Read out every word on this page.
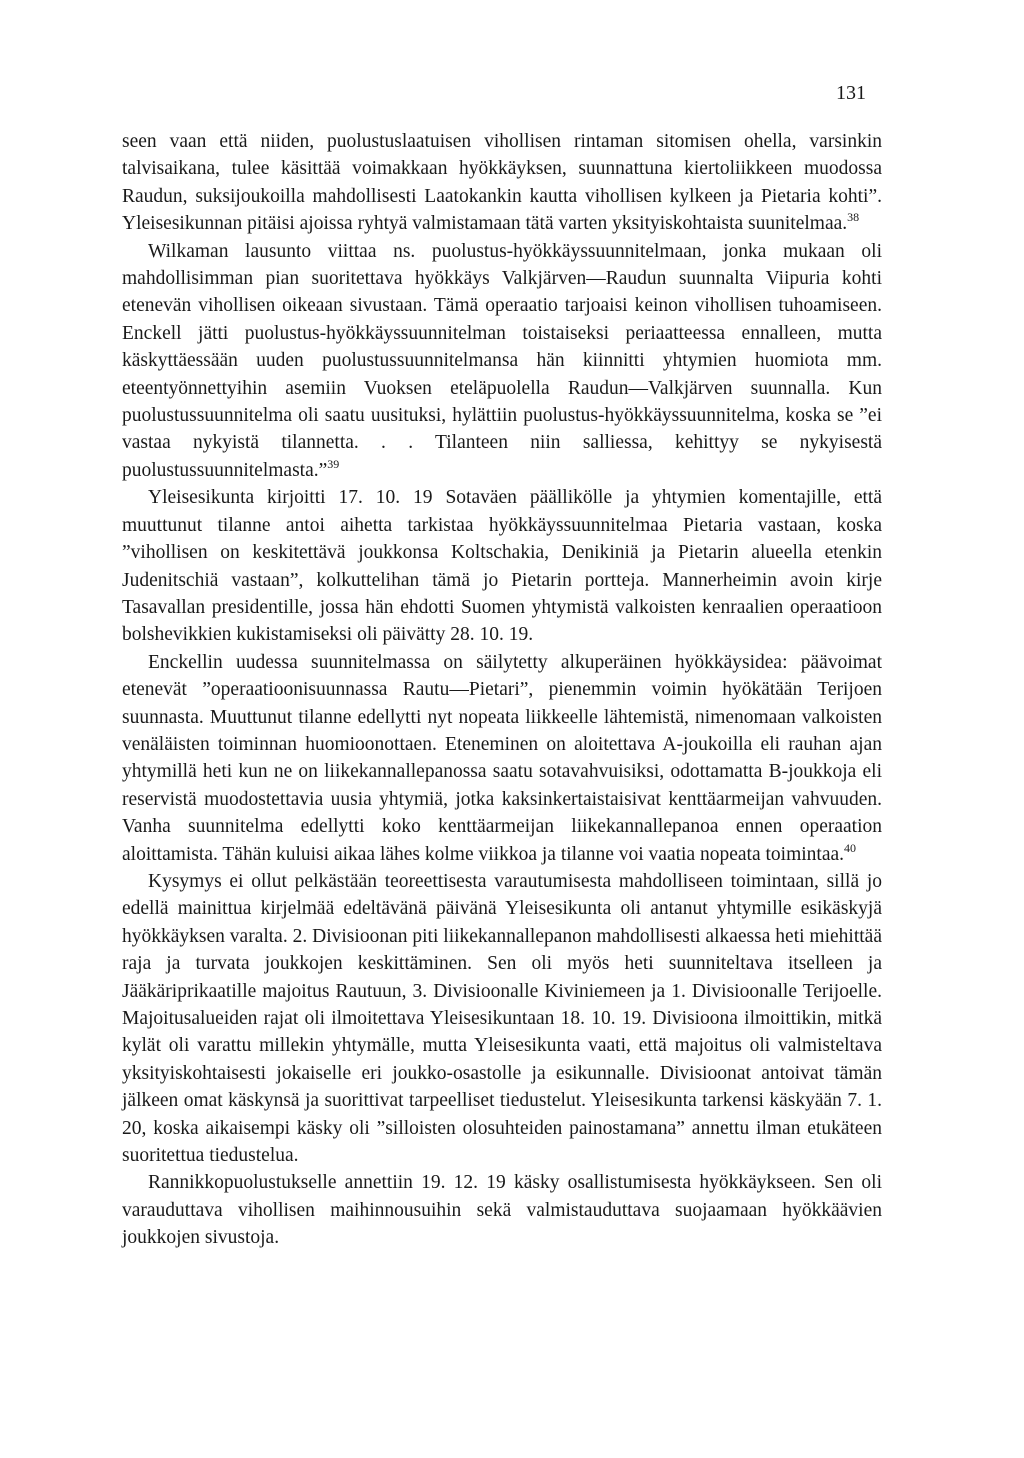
131

seen vaan että niiden, puolustuslaatuisen vihollisen rintaman sitomisen ohella, varsinkin talvisaikana, tulee käsittää voimakkaan hyökkäyksen, suunnattuna kiertoliikkeen muodossa Raudun, suksijoukoilla mahdollisesti Laatokankin kautta vihollisen kylkeen ja Pietaria kohti”. Yleisesikunnan pitäisi ajoissa ryhtyä valmistamaan tätä varten yksityiskohtaista suunitelmaa.$^{38}$

Wilkaman lausunto viittaa ns. puolustus-hyökkäyssuunnitelmaan, jonka mukaan oli mahdollisimman pian suoritettava hyökkäys Valkjärven—Raudun suunnalta Viipuria kohti etenevän vihollisen oikeaan sivustaan. Tämä operaatio tarjoaisi keinon vihollisen tuhoamiseen. Enckell jätti puolustus-hyökkäyssuunnitelman toistaiseksi periaatteessa ennalleen, mutta käskyttäessään uuden puolustussuunnitelmansa hän kiinnitti yhtymien huomiota mm. eteentyönnettyihin asemiin Vuoksen eteläpuolella Raudun—Valkjärven suunnalla. Kun puolustussuunnitelma oli saatu uusituksi, hylättiin puolustus-hyökkäyssuunnitelma, koska se ”ei vastaa nykyistä tilannetta. . . Tilanteen niin salliessa, kehittyy se nykyisestä puolustussuunnitelmasta.”$^{39}$

Yleisesikunta kirjoitti 17. 10. 19 Sotaväen päällikölle ja yhtymien komentajille, että muuttunut tilanne antoi aihetta tarkistaa hyökkäyssuunnitelmaa Pietaria vastaan, koska ”vihollisen on keskitettävä joukkonsa Koltschakia, Denikiniä ja Pietarin alueella etenkin Judenitschiä vastaan”, kolkuttelihan tämä jo Pietarin portteja. Mannerheimin avoin kirje Tasavallan presidentille, jossa hän ehdotti Suomen yhtymistä valkoisten kenraalien operaatioon bolshevikkien kukistamiseksi oli päivätty 28. 10. 19.

Enckellin uudessa suunnitelmassa on säilytetty alkuperäinen hyökkäysidea: päävoimat etenevät ”operaatioonisuunnassa Rautu—Pietari”, pienemmin voimin hyökätään Terijoen suunnasta. Muuttunut tilanne edellytti nyt nopeata liikkeelle lähtemistä, nimenomaan valkoisten venäläisten toiminnan huomioonottaen. Eteneminen on aloitettava A-joukoilla eli rauhan ajan yhtymillä heti kun ne on liikekannallepanossa saatu sotavahvuisiksi, odottamatta B-joukkoja eli reservistä muodostettavia uusia yhtymiä, jotka kaksinkertaistaisivat kenttäarmeijan vahvuuden. Vanha suunnitelma edellytti koko kenttäarmeijan liikekannallepanoa ennen operaation aloittamista. Tähän kuluisi aikaa lähes kolme viikkoa ja tilanne voi vaatia nopeata toimintaa.$^{40}$

Kysymys ei ollut pelkästään teoreettisesta varautumisesta mahdolliseen toimintaan, sillä jo edellä mainittua kirjelmää edeltävänä päivänä Yleisesikunta oli antanut yhtymille esikäskyjä hyökkäyksen varalta. 2. Divisioonan piti liikekannallepanon mahdollisesti alkaessa heti miehittää raja ja turvata joukkojen keskittäminen. Sen oli myös heti suunniteltava itselleen ja Jääkäriprikaatille majoitus Rautuun, 3. Divisioonalle Kiviniemeen ja 1. Divisioonalle Terijoelle. Majoitusalueiden rajat oli ilmoitettava Yleisesikuntaan 18. 10. 19. Divisioona ilmoittikin, mitkä kylät oli varattu millekin yhtymälle, mutta Yleisesikunta vaati, että majoitus oli valmisteltava yksityiskohtaisesti jokaiselle eri joukko-osastolle ja esikunnalle. Divisioonat antoivat tämän jälkeen omat käskynsä ja suorittivat tarpeelliset tiedustelut. Yleisesikunta tarkensi käskyään 7. 1. 20, koska aikaisempi käsky oli ”silloisten olosuhteiden painostamana” annettu ilman etukäteen suoritettua tiedustelua.

Rannikkopuolustukselle annettiin 19. 12. 19 käsky osallistumisesta hyökkäykseen. Sen oli varauduttava vihollisen maihinnousuihin sekä valmistauduttava suojaamaan hyökkäävien joukkojen sivustoja.
